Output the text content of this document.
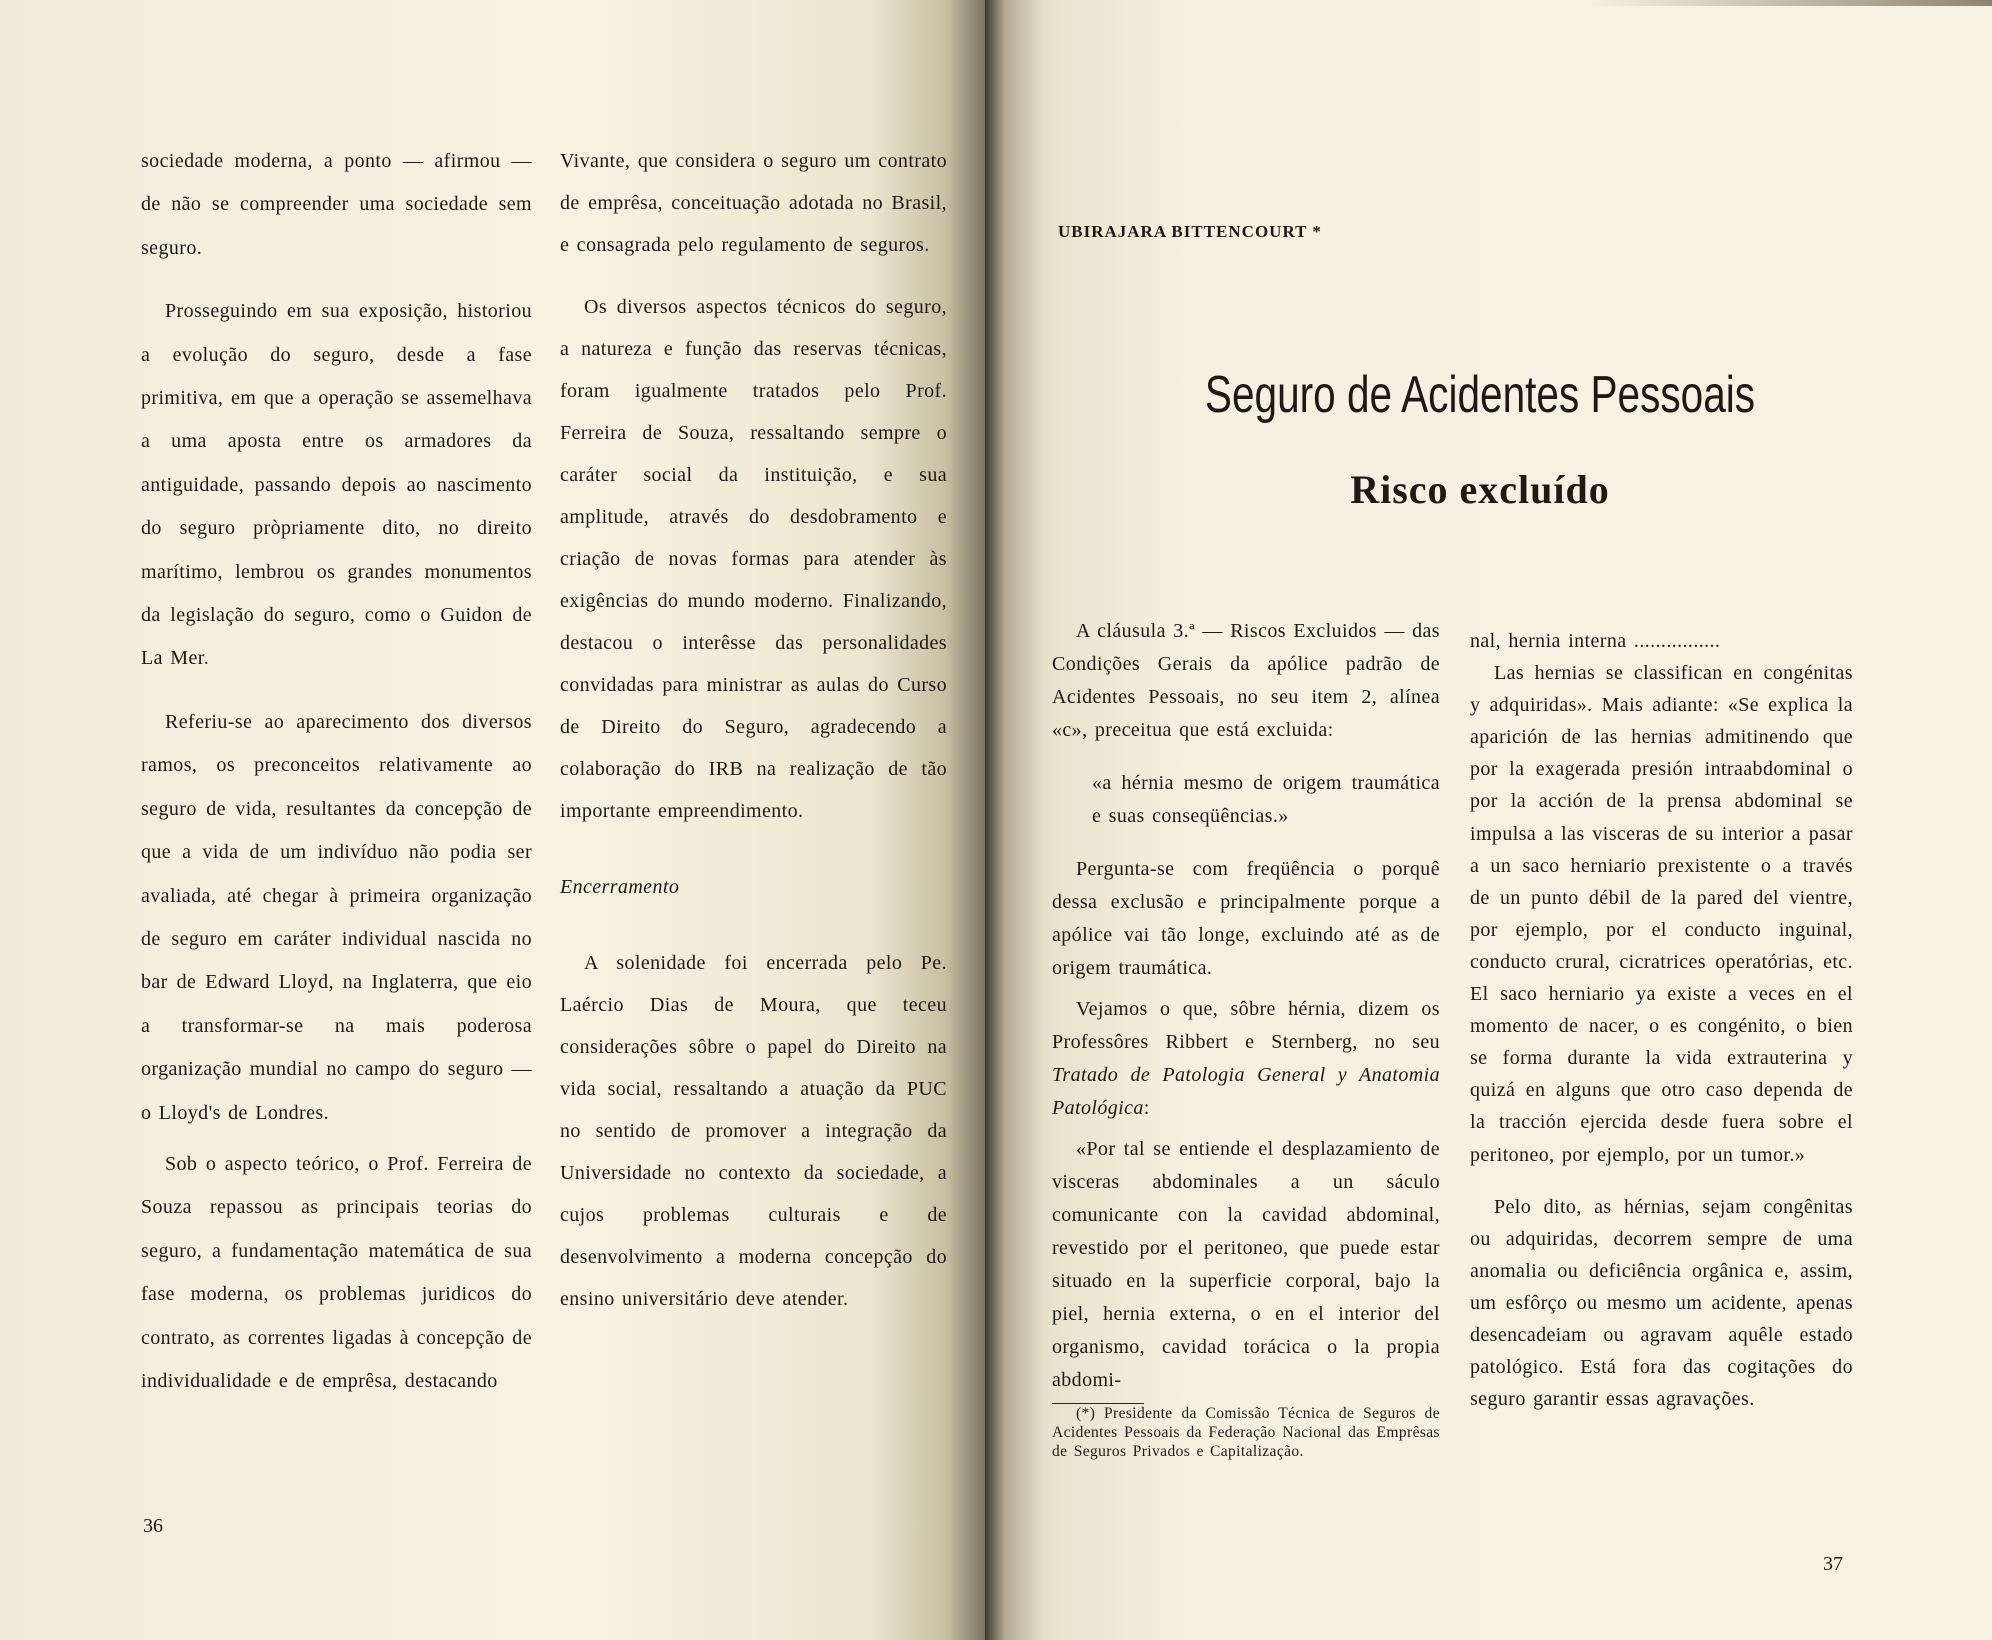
sociedade moderna, a ponto — afirmou — de não se compreender uma sociedade sem seguro.

Prosseguindo em sua exposição, historiou a evolução do seguro, desde a fase primitiva, em que a operação se assemelhava a uma aposta entre os armadores da antiguidade, passando depois ao nascimento do seguro pròpriamente dito, no direito marítimo, lembrou os grandes monumentos da legislação do seguro, como o Guidon de La Mer.

Referiu-se ao aparecimento dos diversos ramos, os preconceitos relativamente ao seguro de vida, resultantes da concepção de que a vida de um indivíduo não podia ser avaliada, até chegar à primeira organização de seguro em caráter individual nascida no bar de Edward Lloyd, na Inglaterra, que eio a transformar-se na mais poderosa organização mundial no campo do seguro — o Lloyd's de Londres.

Sob o aspecto teórico, o Prof. Ferreira de Souza repassou as principais teorias do seguro, a fundamentação matemática de sua fase moderna, os problemas juridicos do contrato, as correntes ligadas à concepção de individualidade e de emprêsa, destacando

Vivante, que considera o seguro um contrato de emprêsa, conceituação adotada no Brasil, e consagrada pelo regulamento de seguros.

Os diversos aspectos técnicos do seguro, a natureza e função das reservas técnicas, foram igualmente tratados pelo Prof. Ferreira de Souza, ressaltando sempre o caráter social da instituição, e sua amplitude, através do desdobramento e criação de novas formas para atender às exigências do mundo moderno. Finalizando, destacou o interêsse das personalidades convidadas para ministrar as aulas do Curso de Direito do Seguro, agradecendo a colaboração do IRB na realização de tão importante empreendimento.

Encerramento

A solenidade foi encerrada pelo Pe. Laércio Dias de Moura, que teceu considerações sôbre o papel do Direito na vida social, ressaltando a atuação da PUC no sentido de promover a integração da Universidade no contexto da sociedade, a cujos problemas culturais e de desenvolvimento a moderna concepção do ensino universitário deve atender.

36
UBIRAJARA BITTENCOURT *
Seguro de Acidentes Pessoais
Risco excluído

A cláusula 3.ª — Riscos Excluidos — das Condições Gerais da apólice padrão de Acidentes Pessoais, no seu item 2, alínea «c», preceitua que está excluida:

«a hérnia mesmo de origem traumática e suas conseqüências.»

Pergunta-se com freqüência o porquê dessa exclusão e principalmente porque a apólice vai tão longe, excluindo até as de origem traumática.

Vejamos o que, sôbre hérnia, dizem os Professôres Ribbert e Sternberg, no seu Tratado de Patologia General y Anatomia Patológica:

«Por tal se entiende el desplazamiento de visceras abdominales a un sáculo comunicante con la cavidad abdominal, revestido por el peritoneo, que puede estar situado en la superficie corporal, bajo la piel, hernia externa, o en el interior del organismo, cavidad torácica o la propia abdomi-

(*) Presidente da Comissão Técnica de Seguros de Acidentes Pessoais da Federação Nacional das Emprêsas de Seguros Privados e Capitalização.

nal, hernia interna ................

Las hernias se classifican en congénitas y adquiridas». Mais adiante: «Se explica la aparición de las hernias admitinendo que por la exagerada presión intraabdominal o por la acción de la prensa abdominal se impulsa a las visceras de su interior a pasar a un saco herniario prexistente o a través de un punto débil de la pared del vientre, por ejemplo, por el conducto inguinal, conducto crural, cicratrices operatórias, etc. El saco herniario ya existe a veces en el momento de nacer, o es congénito, o bien se forma durante la vida extrauterina y quizá en alguns que otro caso dependa de la tracción ejercida desde fuera sobre el peritoneo, por ejemplo, por un tumor.»

Pelo dito, as hérnias, sejam congênitas ou adquiridas, decorrem sempre de uma anomalia ou deficiência orgânica e, assim, um esfôrço ou mesmo um acidente, apenas desencadeiam ou agravam aquêle estado patológico. Está fora das cogitações do seguro garantir essas agravações.

37
